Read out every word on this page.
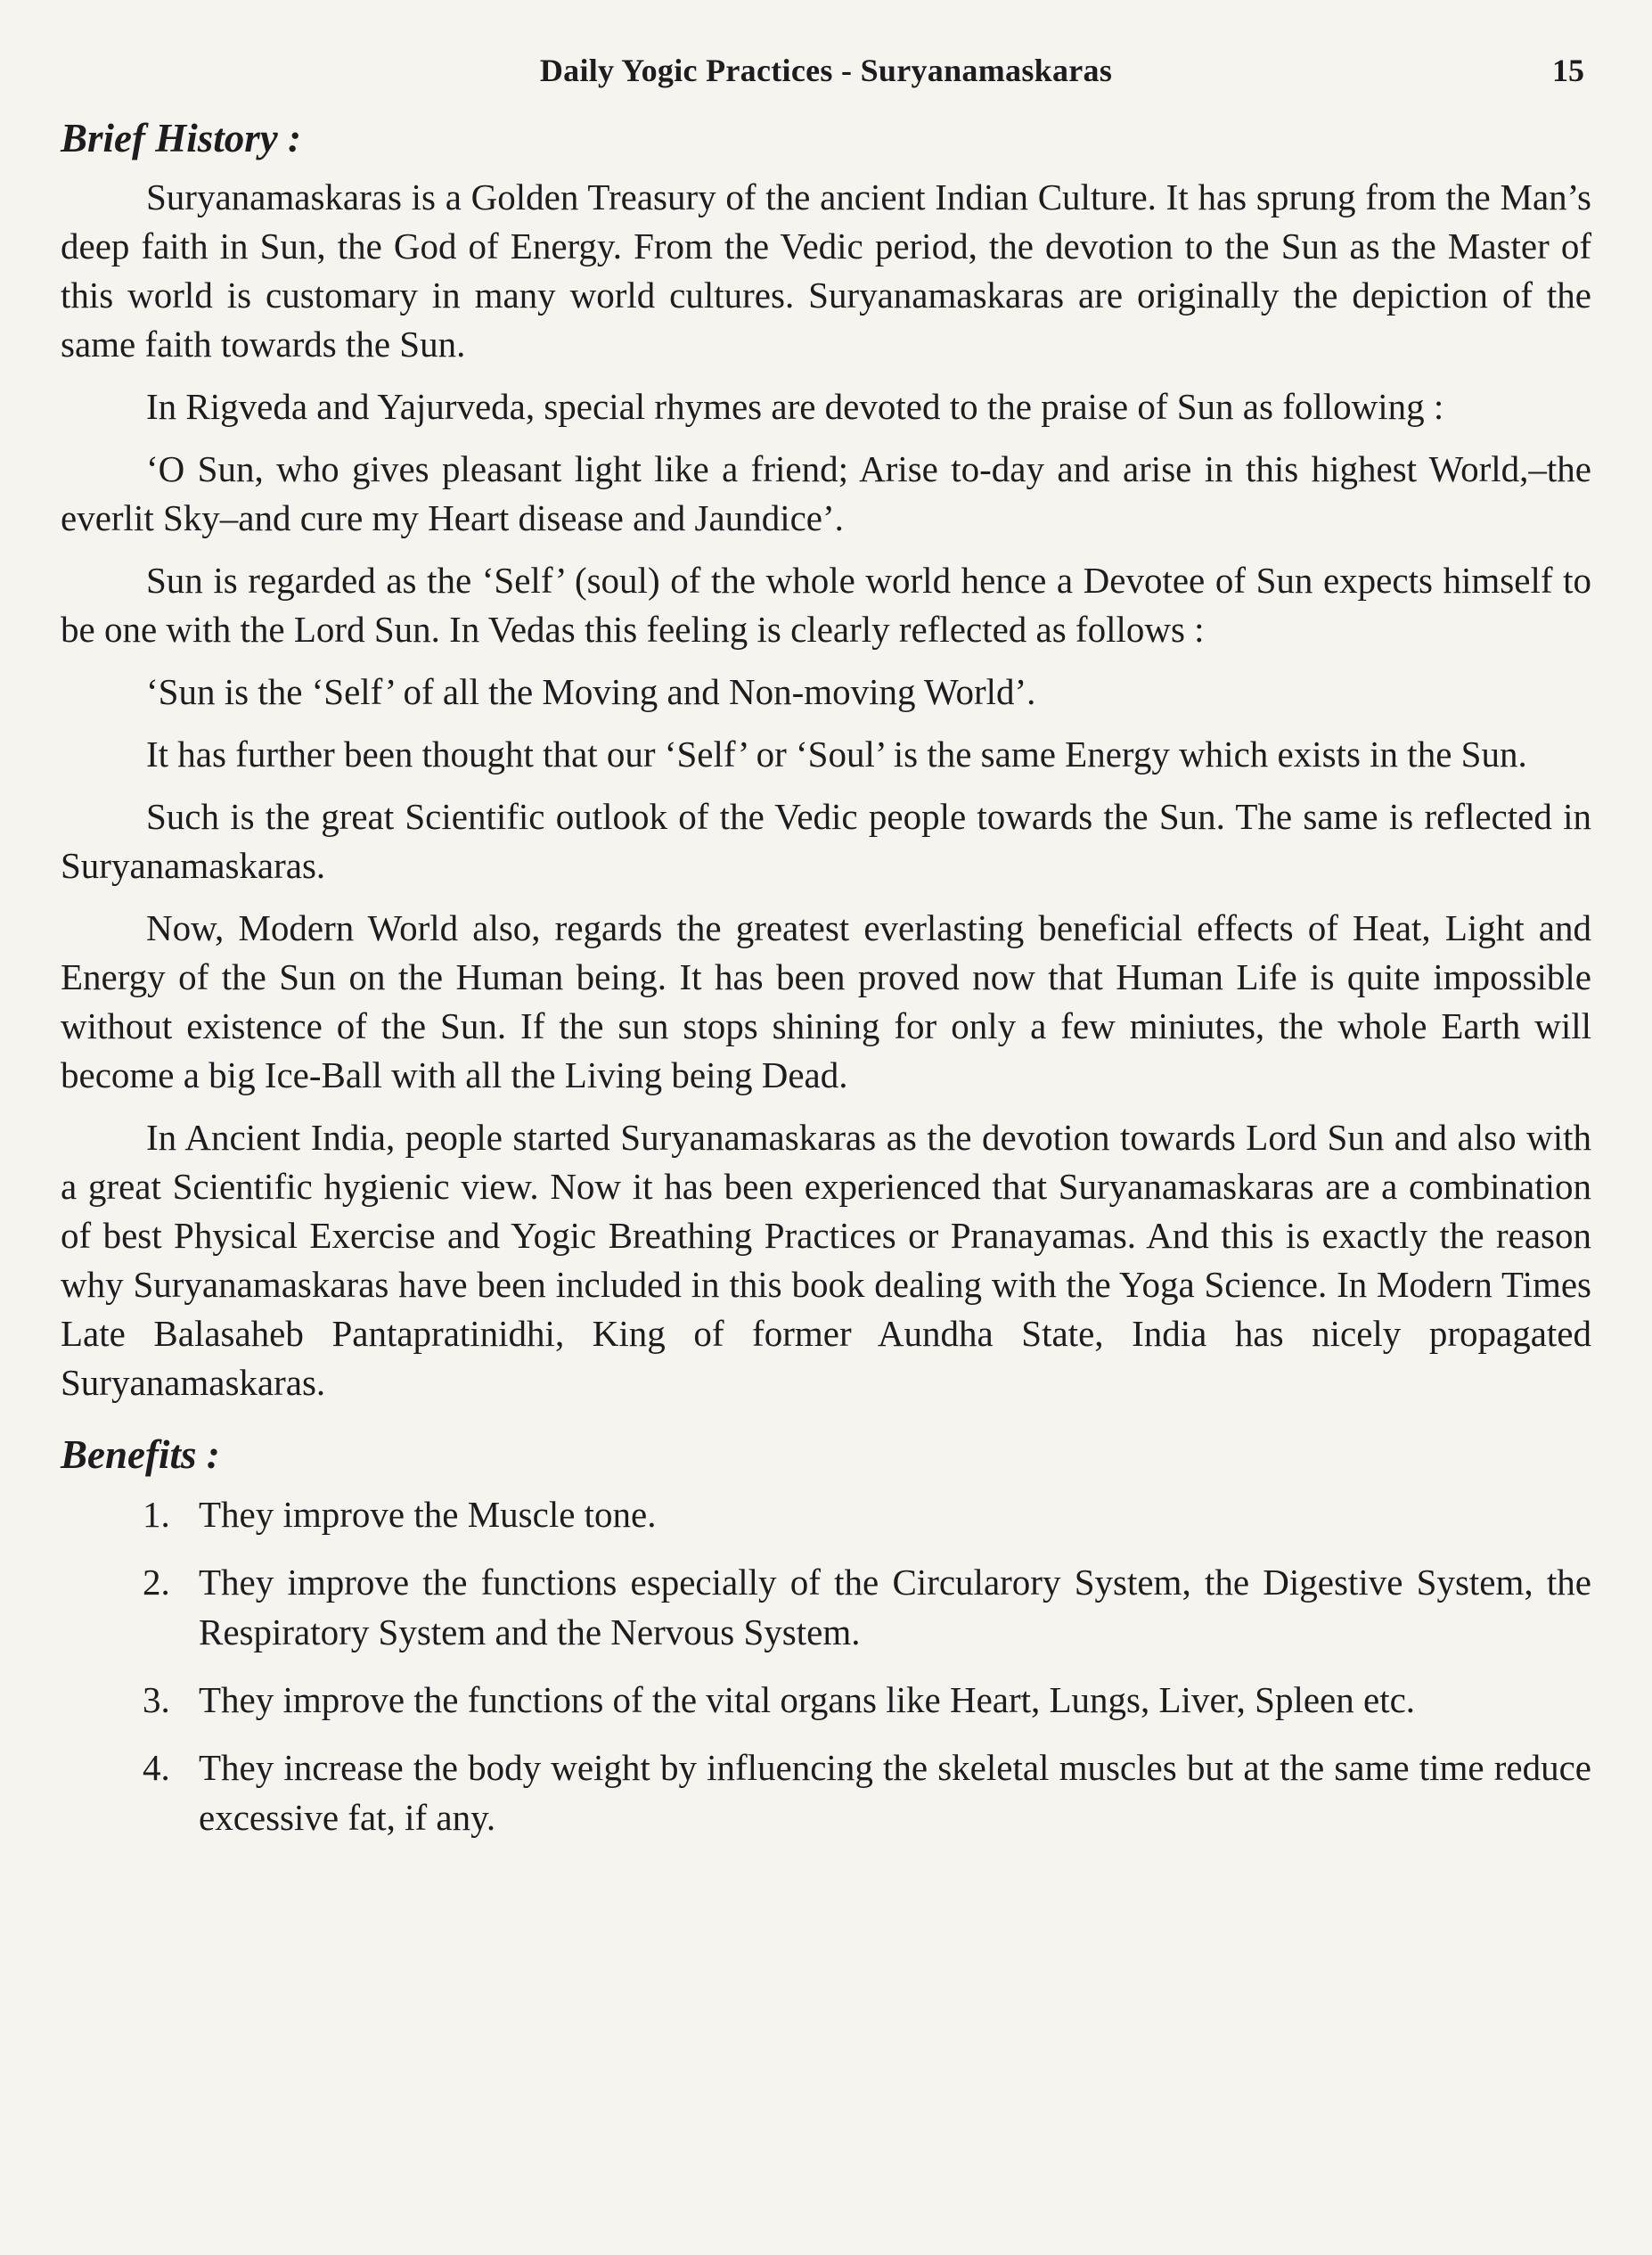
Daily Yogic Practices - Suryanamaskaras	15
Brief History :

Suryanamaskaras is a Golden Treasury of the ancient Indian Culture. It has sprung from the Man’s deep faith in Sun, the God of Energy. From the Vedic period, the devotion to the Sun as the Master of this world is customary in many world cultures. Suryanamaskaras are originally the depiction of the same faith towards the Sun.

In Rigveda and Yajurveda, special rhymes are devoted to the praise of Sun as following :

‘O Sun, who gives pleasant light like a friend; Arise to-day and arise in this highest World,–the everlit Sky–and cure my Heart disease and Jaundice’.

Sun is regarded as the ‘Self’ (soul) of the whole world hence a Devotee of Sun expects himself to be one with the Lord Sun. In Vedas this feeling is clearly reflected as follows :

‘Sun is the ‘Self’ of all the Moving and Non-moving World’.

It has further been thought that our ‘Self’ or ‘Soul’ is the same Energy which exists in the Sun.

Such is the great Scientific outlook of the Vedic people towards the Sun. The same is reflected in Suryanamaskaras.

Now, Modern World also, regards the greatest everlasting beneficial effects of Heat, Light and Energy of the Sun on the Human being. It has been proved now that Human Life is quite impossible without existence of the Sun. If the sun stops shining for only a few miniutes, the whole Earth will become a big Ice-Ball with all the Living being Dead.

In Ancient India, people started Suryanamaskaras as the devotion towards Lord Sun and also with a great Scientific hygienic view. Now it has been experienced that Suryanamaskaras are a combination of best Physical Exercise and Yogic Breathing Practices or Pranayamas. And this is exactly the reason why Suryanamaskaras have been included in this book dealing with the Yoga Science. In Modern Times Late Balasaheb Pantapratinidhi, King of former Aundha State, India has nicely propagated Suryanamaskaras.

Benefits :
1. They improve the Muscle tone.
2. They improve the functions especially of the Circularory System, the Digestive System, the Respiratory System and the Nervous System.
3. They improve the functions of the vital organs like Heart, Lungs, Liver, Spleen etc.
4. They increase the body weight by influencing the skeletal muscles but at the same time reduce excessive fat, if any.
